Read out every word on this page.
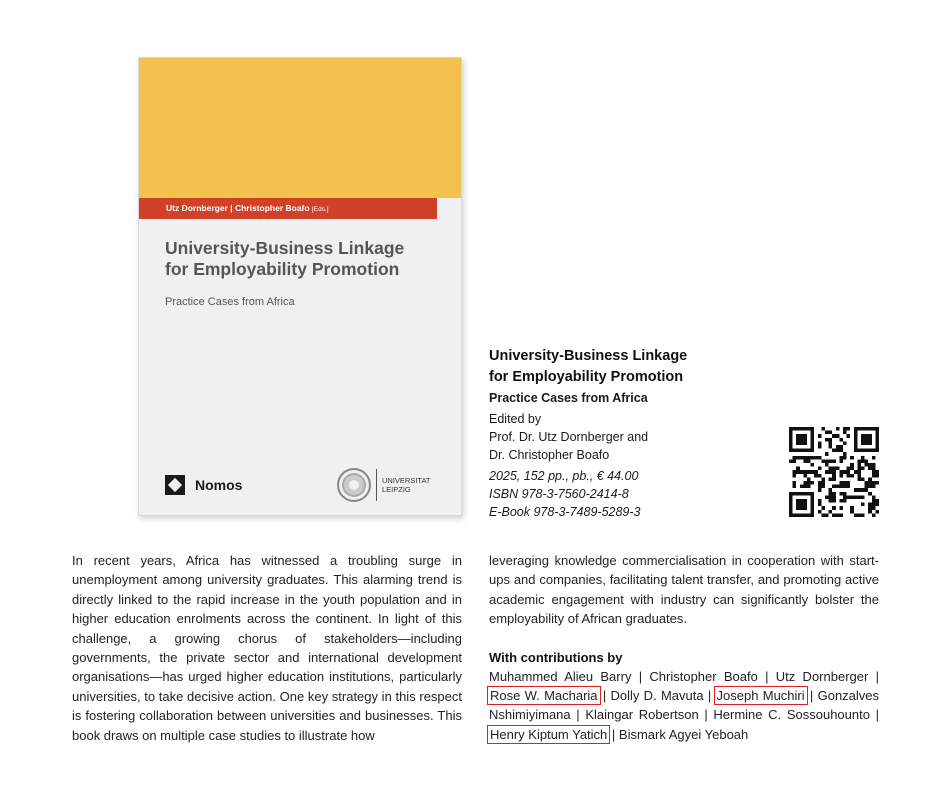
Utz Dornberger | Christopher Boafo [Eds.]
University-Business Linkage
for Employability Promotion
Practice Cases from Africa
Nomos	UNIVERSITAT
LEIPZIG
University-Business Linkage
for Employability Promotion
Practice Cases from Africa
Edited by
Prof. Dr. Utz Dornberger and
Dr. Christopher Boafo
2025, 152 pp., pb., € 44.00
ISBN 978-3-7560-2414-8
E-Book 978-3-7489-5289-3
In recent years, Africa has witnessed a troubling surge in unemployment among university graduates. This alarming trend is directly linked to the rapid increase in the youth population and in higher education enrolments across the continent. In light of this challenge, a growing chorus of stakeholders—including governments, the private sector and international development organisations—has urged higher education institutions, particularly universities, to take decisive action. One key strategy in this respect is fostering collaboration between universities and businesses. This book draws on multiple case studies to illustrate how
leveraging knowledge commercialisation in cooperation with start-ups and companies, facilitating talent transfer, and promoting active academic engagement with industry can significantly bolster the employability of African graduates.
With contributions by
Muhammed Alieu Barry | Christopher Boafo | Utz Dornberger | Rose W. Macharia | Dolly D. Mavuta | Joseph Muchiri | Gonzalves Nshimiyimana | Klaingar Robertson | Hermine C. Sossouhounto | Henry Kiptum Yatich | Bismark Agyei Yeboah
